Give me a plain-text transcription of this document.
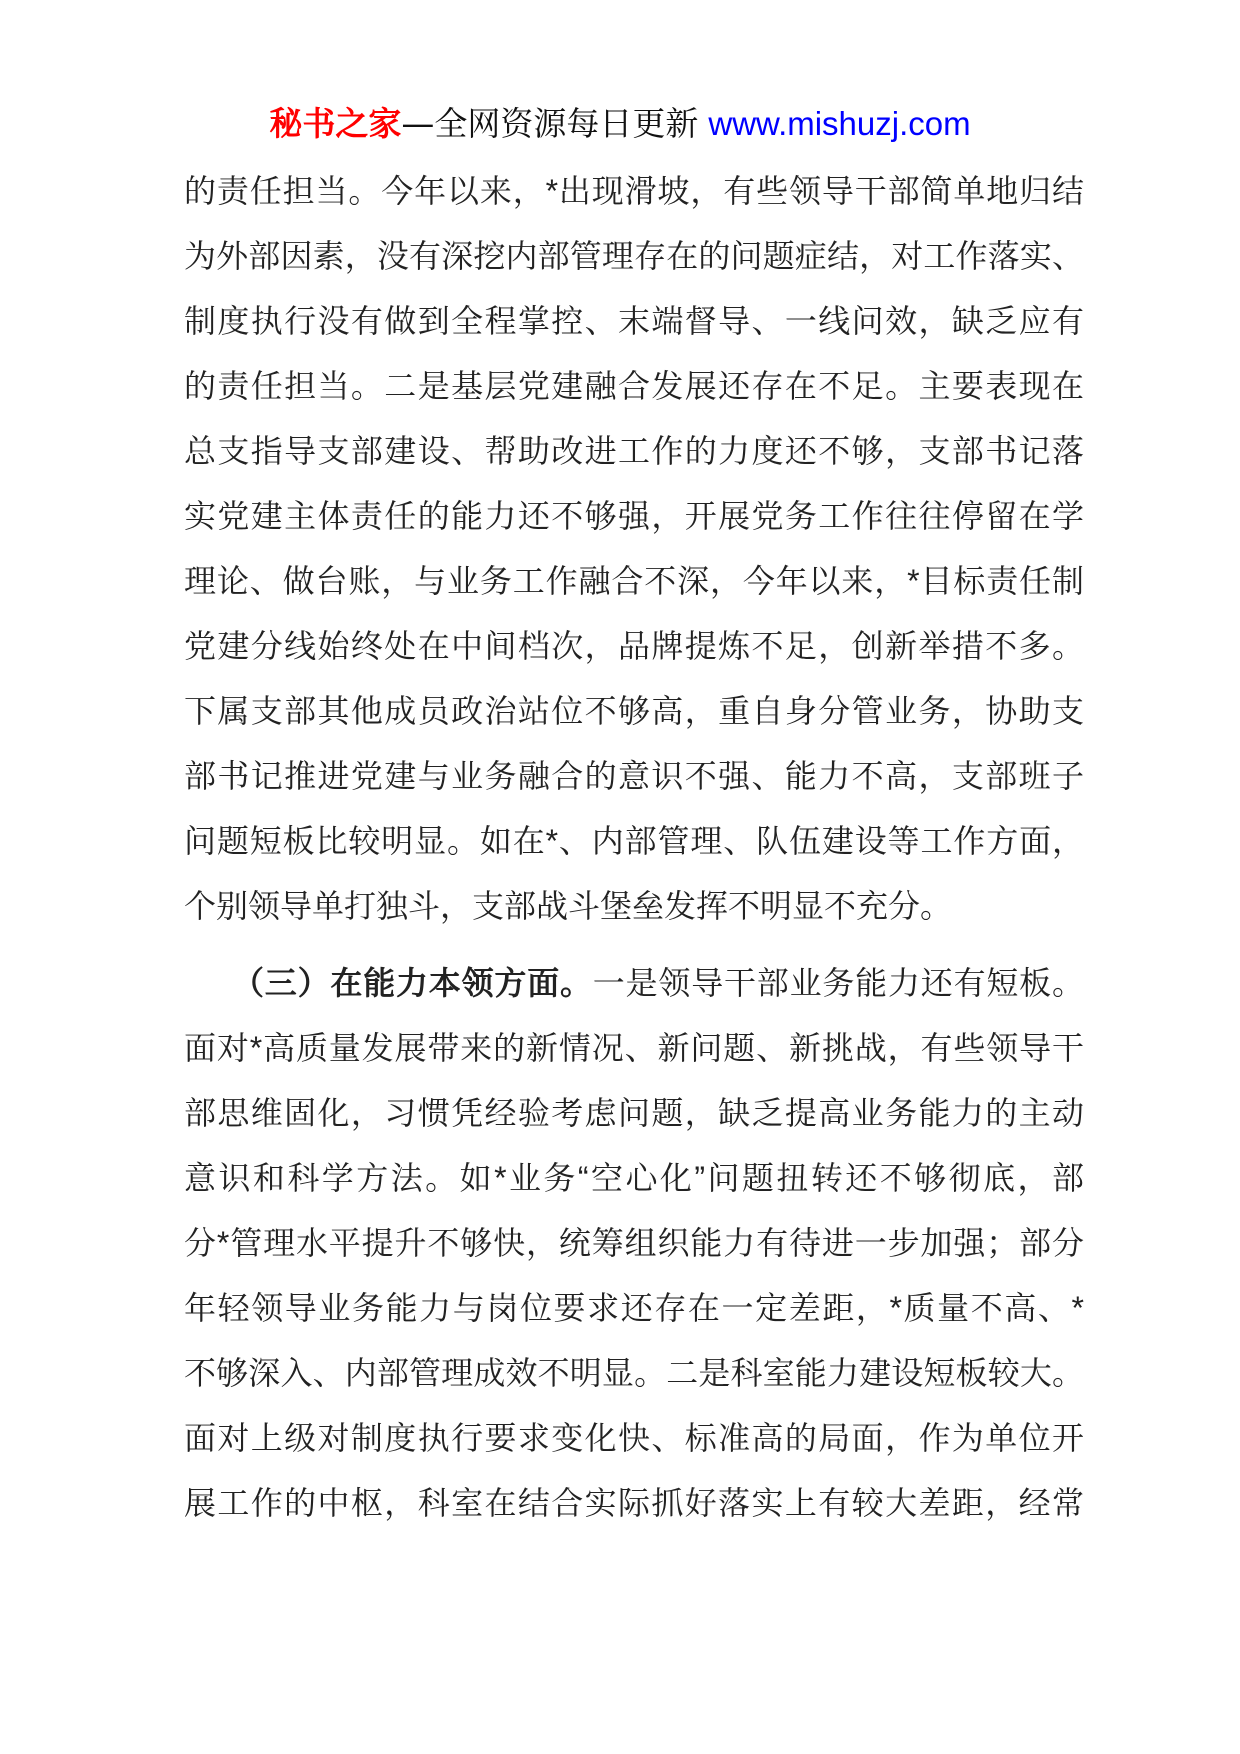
秘书之家—全网资源每日更新 www.mishuzj.com
的责任担当。今年以来，*出现滑坡，有些领导干部简单地归结
为外部因素，没有深挖内部管理存在的问题症结，对工作落实、
制度执行没有做到全程掌控、末端督导、一线问效，缺乏应有
的责任担当。二是基层党建融合发展还存在不足。主要表现在
总支指导支部建设、帮助改进工作的力度还不够，支部书记落
实党建主体责任的能力还不够强，开展党务工作往往停留在学
理论、做台账，与业务工作融合不深，今年以来，*目标责任制
党建分线始终处在中间档次，品牌提炼不足，创新举措不多。
下属支部其他成员政治站位不够高，重自身分管业务，协助支
部书记推进党建与业务融合的意识不强、能力不高，支部班子
问题短板比较明显。如在*、内部管理、队伍建设等工作方面，
个别领导单打独斗，支部战斗堡垒发挥不明显不充分。
（三）在能力本领方面。一是领导干部业务能力还有短板。
面对*高质量发展带来的新情况、新问题、新挑战，有些领导干
部思维固化，习惯凭经验考虑问题，缺乏提高业务能力的主动
意识和科学方法。如*业务“空心化”问题扭转还不够彻底，部
分*管理水平提升不够快，统筹组织能力有待进一步加强；部分
年轻领导业务能力与岗位要求还存在一定差距，*质量不高、*
不够深入、内部管理成效不明显。二是科室能力建设短板较大。
面对上级对制度执行要求变化快、标准高的局面，作为单位开
展工作的中枢，科室在结合实际抓好落实上有较大差距，经常
